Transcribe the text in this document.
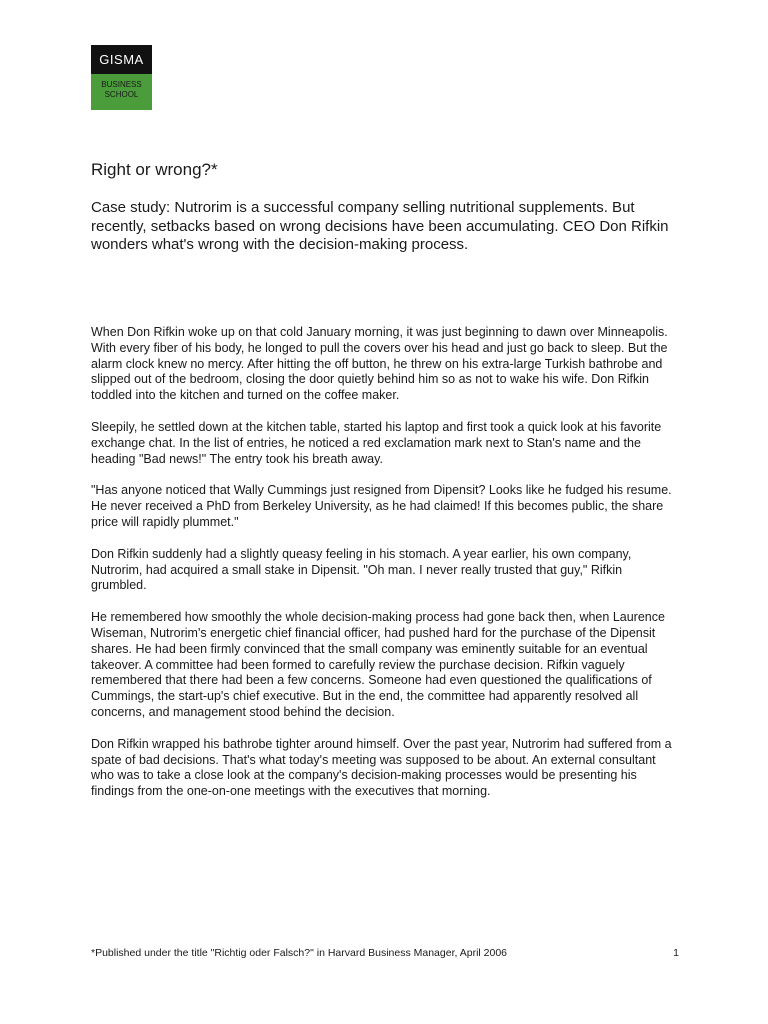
GISMA
BUSINESS
SCHOOL
Right or wrong?*

Case study: Nutrorim is a successful company selling nutritional supplements. But recently, setbacks based on wrong decisions have been accumulating. CEO Don Rifkin wonders what's wrong with the decision-making process.

When Don Rifkin woke up on that cold January morning, it was just beginning to dawn over Minneapolis. With every fiber of his body, he longed to pull the covers over his head and just go back to sleep. But the alarm clock knew no mercy. After hitting the off button, he threw on his extra-large Turkish bathrobe and slipped out of the bedroom, closing the door quietly behind him so as not to wake his wife. Don Rifkin toddled into the kitchen and turned on the coffee maker.

Sleepily, he settled down at the kitchen table, started his laptop and first took a quick look at his favorite exchange chat. In the list of entries, he noticed a red exclamation mark next to Stan's name and the heading "Bad news!" The entry took his breath away.

"Has anyone noticed that Wally Cummings just resigned from Dipensit? Looks like he fudged his resume. He never received a PhD from Berkeley University, as he had claimed! If this becomes public, the share price will rapidly plummet."

Don Rifkin suddenly had a slightly queasy feeling in his stomach. A year earlier, his own company, Nutrorim, had acquired a small stake in Dipensit. "Oh man. I never really trusted that guy," Rifkin grumbled.

He remembered how smoothly the whole decision-making process had gone back then, when Laurence Wiseman, Nutrorim's energetic chief financial officer, had pushed hard for the purchase of the Dipensit shares. He had been firmly convinced that the small company was eminently suitable for an eventual takeover. A committee had been formed to carefully review the purchase decision. Rifkin vaguely remembered that there had been a few concerns. Someone had even questioned the qualifications of Cummings, the start-up's chief executive. But in the end, the committee had apparently resolved all concerns, and management stood behind the decision.

Don Rifkin wrapped his bathrobe tighter around himself. Over the past year, Nutrorim had suffered from a spate of bad decisions. That's what today's meeting was supposed to be about. An external consultant who was to take a close look at the company's decision-making processes would be presenting his findings from the one-on-one meetings with the executives that morning.

*Published under the title "Richtig oder Falsch?" in Harvard Business Manager, April 2006	1
